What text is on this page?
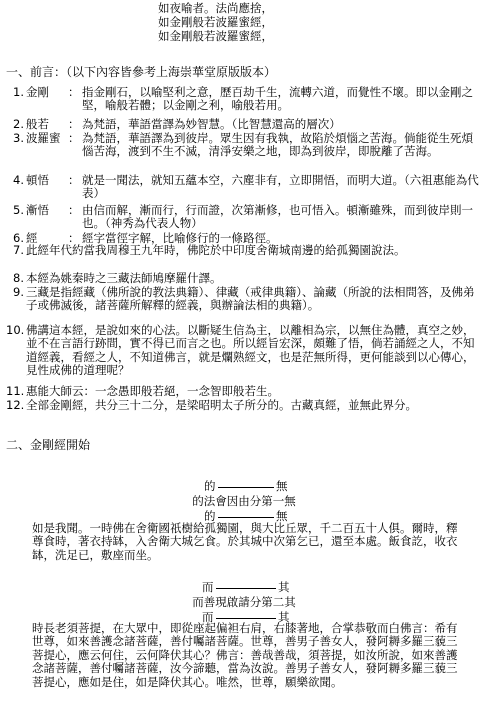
如夜喻者。法尚應捨，
如金剛般若波羅蜜經，
如金剛般若波羅蜜經，
一、前言：（以下內容皆參考上海崇華堂原版版本）
1. 金剛 ： 指金剛石，以喻堅利之意，歷百劫千生，流轉六道，而覺性不壞。即以金剛之堅，喻般若體；以金剛之利，喻般若用。
2. 般若 ： 為梵語，華語當譯為妙智慧。（比智慧還高的層次）
3. 波羅蜜 ： 為梵語，華語譯為到彼岸。眾生因有我執，故陷於煩惱之苦海。倘能從生死煩惱苦海，渡到不生不滅，清淨安樂之地，即為到彼岸，即脫離了苦海。
4. 頓悟 ： 就是一聞法，就知五蘊本空，六塵非有，立即開悟，而明大道。（六祖惠能為代表）
5. 漸悟 ： 由信而解，漸而行，行而證，次第漸修，也可悟入。頓漸雖殊，而到彼岸則一也。（神秀為代表人物）
6. 經	： 經字當徑字解，比喻修行的一條路徑。
7. 此經年代約當我周穆王九年時，佛陀於中印度舍衛城南邊的給孤獨園說法。
8. 本經為姚秦時之三藏法師鳩摩羅什譯。
9. 三藏是指經藏（佛所說的教法典籍）、律藏（戒律典籍）、論藏（所說的法相問答，及佛弟子或佛滅後，諸菩薩所解釋的經義，與辦論法相的典籍）。
10. 佛講這本經，是說如來的心法。以斷疑生信為主，以離相為宗，以無住為體，真空之妙，並不在言語行跡間，實不得已而言之也。所以經旨宏深，頗難了悟，倘若誦經之人，不知道經義，看經之人，不知道佛言，就是爛熟經文，也是茫無所得，更何能談到以心傳心，見性成佛的道理呢？
11. 惠能大師云：一念愚即般若絕，一念智即般若生。
12. 全部金剛經，共分三十二分，是梁昭明太子所分的。古藏真經，並無此界分。
二、金剛經開始
的	無
的法會因由分第一無
的	無
如是我聞。一時佛在舍衛國祇樹給孤獨園，與大比丘眾，千二百五十人俱。爾時，釋尊食時，著衣持缽，入舍衛大城乞食。於其城中次第乞已，還至本處。飯食訖，收衣缽，洗足已，敷座而坐。
而	其
而善現啟請分第二其
而	其
時長老須菩提，在大眾中，即從座起偏袒右肩，右膝著地，合掌恭敬而白佛言：希有世尊，如來善護念諸菩薩，善付囑諸菩薩。世尊，善男子善女人，發阿耨多羅三藐三菩提心，應云何住，云何降伏其心？佛言：善哉善哉，須菩提，如汝所說，如來善護念諸菩薩，善付囑諸菩薩，汝今諦聽，當為汝說。善男子善女人，發阿耨多羅三藐三菩提心，應如是住，如是降伏其心。唯然，世尊，願樂欲聞。
